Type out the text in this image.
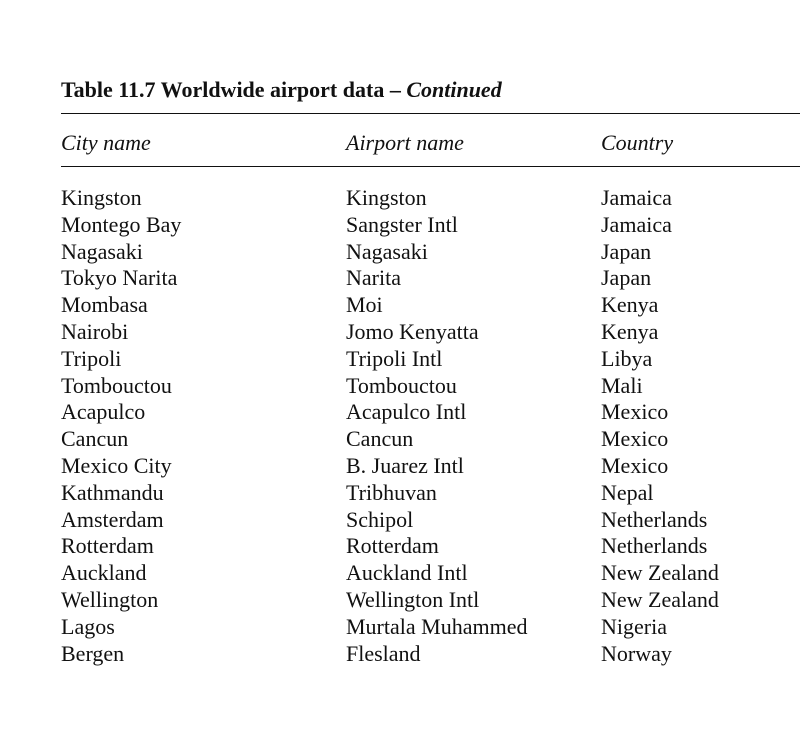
Table 11.7 Worldwide airport data – Continued

City name	Airport name	Country
Kingston	Kingston	Jamaica
Montego Bay	Sangster Intl	Jamaica
Nagasaki	Nagasaki	Japan
Tokyo Narita	Narita	Japan
Mombasa	Moi	Kenya
Nairobi	Jomo Kenyatta	Kenya
Tripoli	Tripoli Intl	Libya
Tombouctou	Tombouctou	Mali
Acapulco	Acapulco Intl	Mexico
Cancun	Cancun	Mexico
Mexico City	B. Juarez Intl	Mexico
Kathmandu	Tribhuvan	Nepal
Amsterdam	Schipol	Netherlands
Rotterdam	Rotterdam	Netherlands
Auckland	Auckland Intl	New Zealand
Wellington	Wellington Intl	New Zealand
Lagos	Murtala Muhammed	Nigeria
Bergen	Flesland	Norway
